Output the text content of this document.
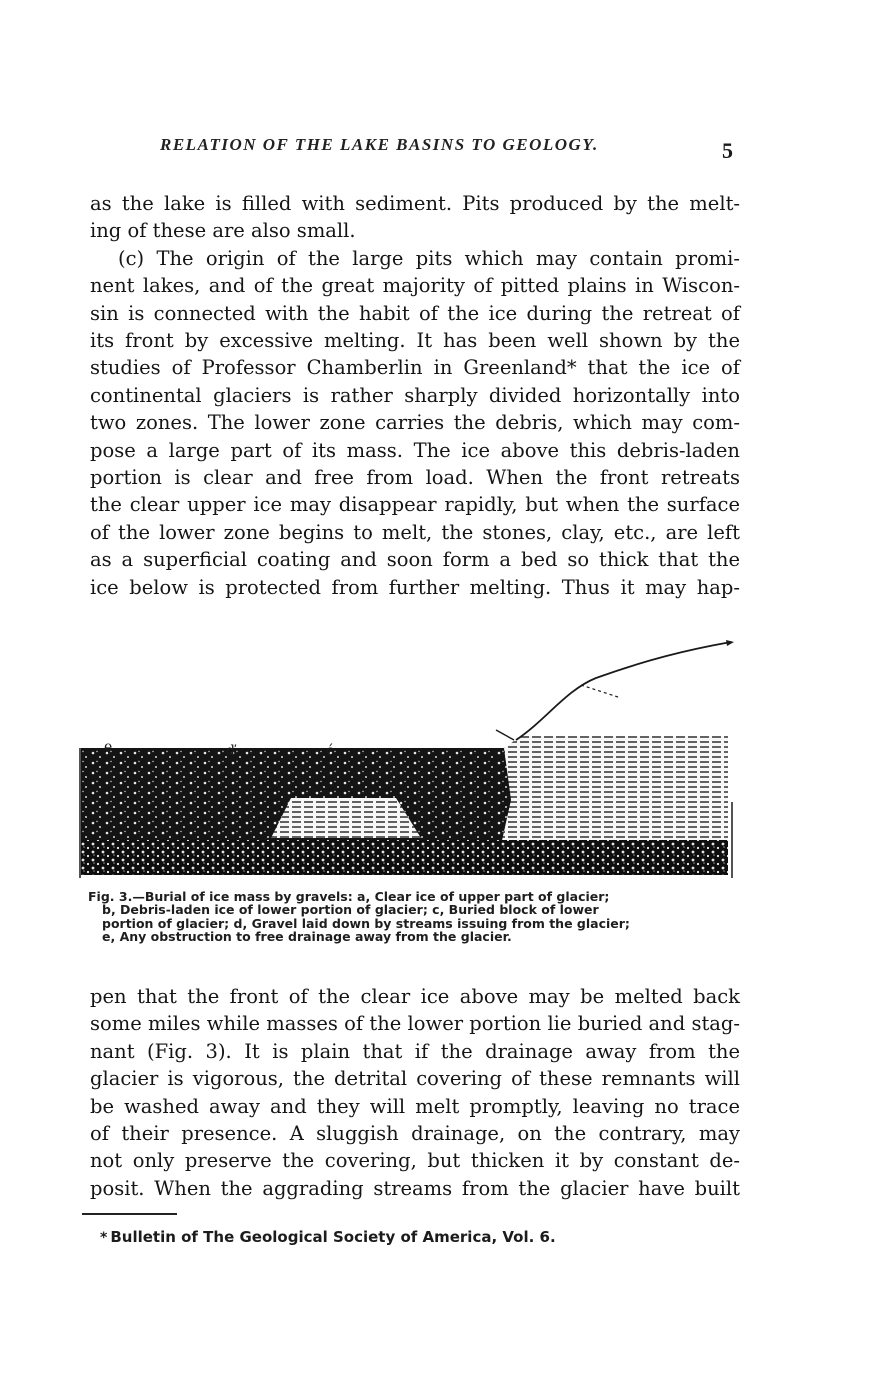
RELATION OF THE LAKE BASINS TO GEOLOGY.	5
as the lake is filled with sediment. Pits produced by the melt-
ing of these are also small.
(c) The origin of the large pits which may contain promi-
nent lakes, and of the great majority of pitted plains in Wiscon-
sin is connected with the habit of the ice during the retreat of
its front by excessive melting. It has been well shown by the
studies of Professor Chamberlin in Greenland* that the ice of
continental glaciers is rather sharply divided horizontally into
two zones. The lower zone carries the debris, which may com-
pose a large part of its mass. The ice above this debris-laden
portion is clear and free from load. When the front retreats
the clear upper ice may disappear rapidly, but when the surface
of the lower zone begins to melt, the stones, clay, etc., are left
as a superficial coating and soon form a bed so thick that the
ice below is protected from further melting. Thus it may hap-
ę	ď	ć
Fig. 3.—Burial of ice mass by gravels: a, Clear ice of upper part of glacier;
b, Debris-laden ice of lower portion of glacier; c, Buried block of lower
portion of glacier; d, Gravel laid down by streams issuing from the glacier;
e, Any obstruction to free drainage away from the glacier.
pen that the front of the clear ice above may be melted back
some miles while masses of the lower portion lie buried and stag-
nant (Fig. 3). It is plain that if the drainage away from the
glacier is vigorous, the detrital covering of these remnants will
be washed away and they will melt promptly, leaving no trace
of their presence. A sluggish drainage, on the contrary, may
not only preserve the covering, but thicken it by constant de-
posit. When the aggrading streams from the glacier have built
* Bulletin of The Geological Society of America, Vol. 6.
